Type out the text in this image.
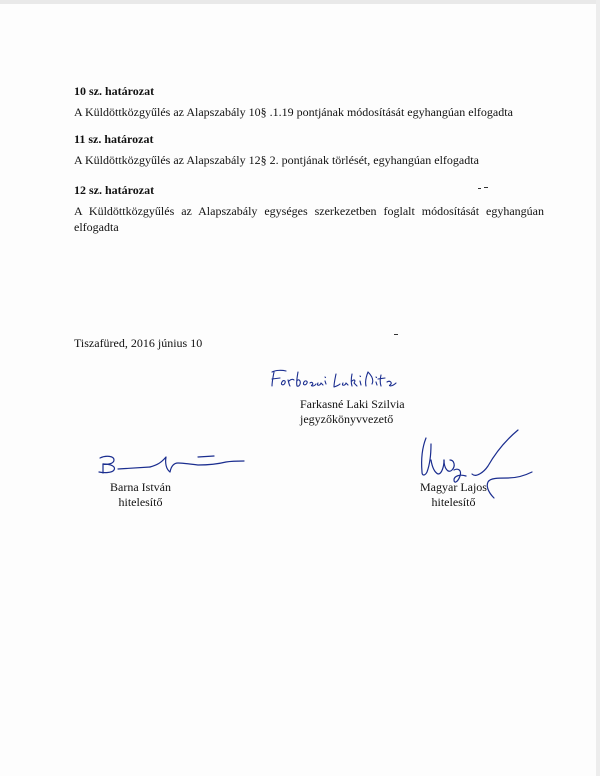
10 sz. határozat
A Küldöttközgyűlés az Alapszabály 10§ .1.19 pontjának módosítását egyhangúan elfogadta
11 sz. határozat
A Küldöttközgyűlés az Alapszabály 12§ 2. pontjának törlését, egyhangúan elfogadta
12 sz. határozat
A Küldöttközgyűlés az Alapszabály egységes szerkezetben foglalt módosítását egyhangúan elfogadta
Tiszafüred, 2016 június 10
Farkasné Laki Szilvia
jegyzőkönyvvezető
Barna István
hitelesítő
Magyar Lajos
hitelesítő
